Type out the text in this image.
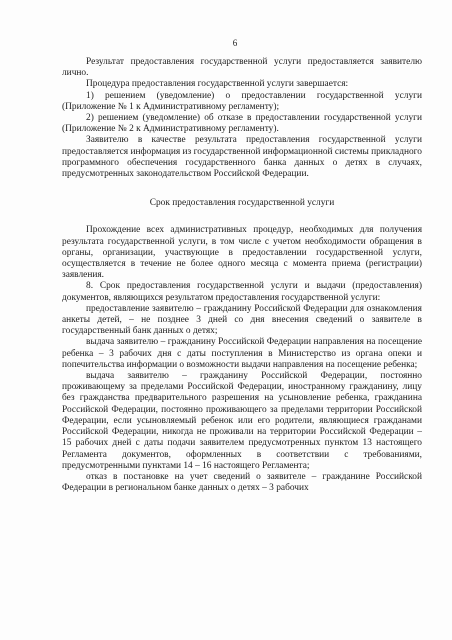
6

Результат предоставления государственной услуги предоставляется заявителю лично.

Процедура предоставления государственной услуги завершается:

1) решением (уведомление) о предоставлении государственной услуги (Приложение № 1 к Административному регламенту);

2) решением (уведомление) об отказе в предоставлении государственной услуги (Приложение № 2 к Административному регламенту).

Заявителю в качестве результата предоставления государственной услуги предоставляется информация из государственной информационной системы прикладного программного обеспечения государственного банка данных о детях в случаях, предусмотренных законодательством Российской Федерации.

Срок предоставления государственной услуги

Прохождение всех административных процедур, необходимых для получения результата государственной услуги, в том числе с учетом необходимости обращения в органы, организации, участвующие в предоставлении государственной услуги, осуществляется в течение не более одного месяца с момента приема (регистрации) заявления.

8. Срок предоставления государственной услуги и выдачи (предоставления) документов, являющихся результатом предоставления государственной услуги:

предоставление заявителю – гражданину Российской Федерации для ознакомления анкеты детей, – не позднее 3 дней со дня внесения сведений о заявителе в государственный банк данных о детях;

выдача заявителю – гражданину Российской Федерации направления на посещение ребенка – 3 рабочих дня с даты поступления в Министерство из органа опеки и попечительства информации о возможности выдачи направления на посещение ребенка;

выдача заявителю – гражданину Российской Федерации, постоянно проживающему за пределами Российской Федерации, иностранному гражданину, лицу без гражданства предварительного разрешения на усыновление ребенка, гражданина Российской Федерации, постоянно проживающего за пределами территории Российской Федерации, если усыновляемый ребенок или его родители, являющиеся гражданами Российской Федерации, никогда не проживали на территории Российской Федерации – 15 рабочих дней с даты подачи заявителем предусмотренных пунктом 13 настоящего Регламента документов, оформленных в соответствии с требованиями, предусмотренными пунктами 14 – 16 настоящего Регламента;

отказ в постановке на учет сведений о заявителе – гражданине Российской Федерации в региональном банке данных о детях – 3 рабочих
